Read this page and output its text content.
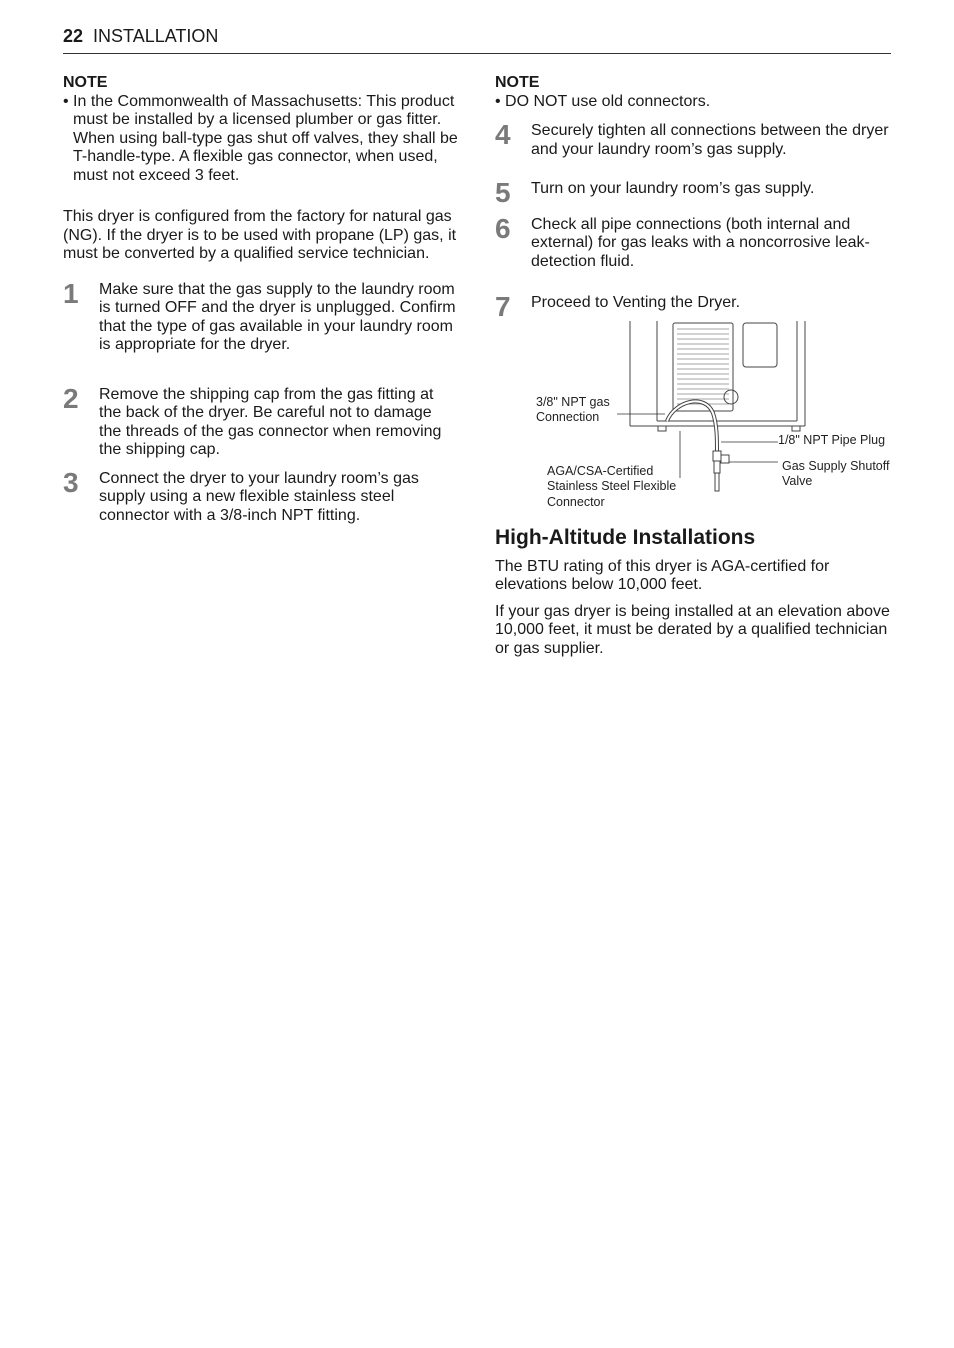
22 INSTALLATION
NOTE
• In the Commonwealth of Massachusetts: This product must be installed by a licensed plumber or gas fitter. When using ball-type gas shut off valves, they shall be T-handle-type. A flexible gas connector, when used, must not exceed 3 feet.

This dryer is configured from the factory for natural gas (NG). If the dryer is to be used with propane (LP) gas, it must be converted by a qualified service technician.

1 Make sure that the gas supply to the laundry room is turned OFF and the dryer is unplugged. Confirm that the type of gas available in your laundry room is appropriate for the dryer.
2 Remove the shipping cap from the gas fitting at the back of the dryer. Be careful not to damage the threads of the gas connector when removing the shipping cap.
3 Connect the dryer to your laundry room’s gas supply using a new flexible stainless steel connector with a 3/8-inch NPT fitting.
NOTE
• DO NOT use old connectors.
4 Securely tighten all connections between the dryer and your laundry room’s gas supply.
5 Turn on your laundry room’s gas supply.
6 Check all pipe connections (both internal and external) for gas leaks with a noncorrosive leak-detection fluid.
7 Proceed to Venting the Dryer.
3/8" NPT gas Connection
1/8" NPT Pipe Plug
AGA/CSA-Certified Stainless Steel Flexible Connector
Gas Supply Shutoff Valve
High-Altitude Installations

The BTU rating of this dryer is AGA-certified for elevations below 10,000 feet.

If your gas dryer is being installed at an elevation above 10,000 feet, it must be derated by a qualified technician or gas supplier.
